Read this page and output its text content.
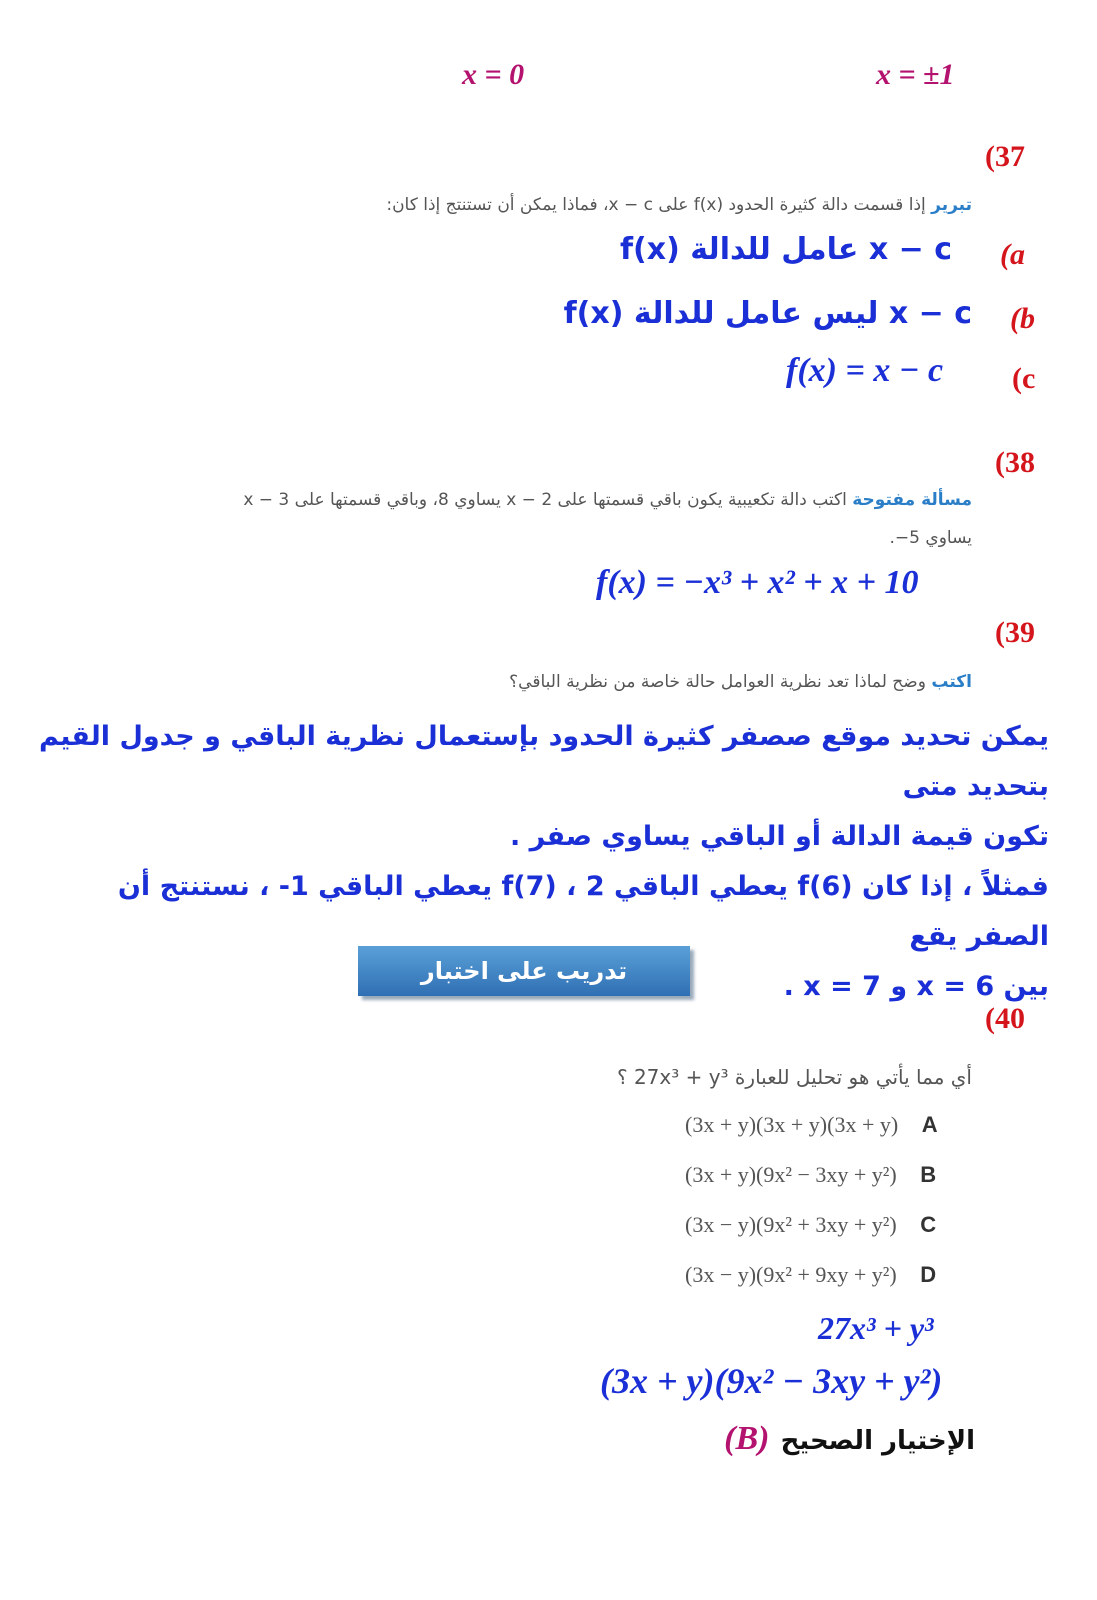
x = 0	x = ±1
(37
تبرير إذا قسمت دالة كثيرة الحدود f(x) على x − c، فماذا يمكن أن تستنتج إذا كان:
(a
x − c عامل للدالة f(x)
(b
x − c ليس عامل للدالة f(x)
(c
f(x) = x − c
(38
مسألة مفتوحة اكتب دالة تكعيبية يكون باقي قسمتها على x − 2 يساوي 8، وباقي قسمتها على x − 3
يساوي 5−.
f(x) = −x³ + x² + x + 10
(39
اكتب وضح لماذا تعد نظرية العوامل حالة خاصة من نظرية الباقي؟
يمكن تحديد موقع صصفر كثيرة الحدود بإستعمال نظرية الباقي و جدول القيم بتحديد متى
تكون قيمة الدالة أو الباقي يساوي صفر .
فمثلاً ، إذا كان f(6) يعطي الباقي 2 ، f(7) يعطي الباقي 1- ، نستنتج أن الصفر يقع
بين x = 6 و x = 7 .
تدريب على اختبار
(40
أي مما يأتي هو تحليل للعبارة 27x³ + y³ ؟
(3x + y)(3x + y)(3x + y) A
(3x + y)(9x² − 3xy + y²) B
(3x − y)(9x² + 3xy + y²) C
(3x − y)(9x² + 9xy + y²) D
27x³ + y³
(3x + y)(9x² − 3xy + y²)
الإختيار الصحيح (B)
